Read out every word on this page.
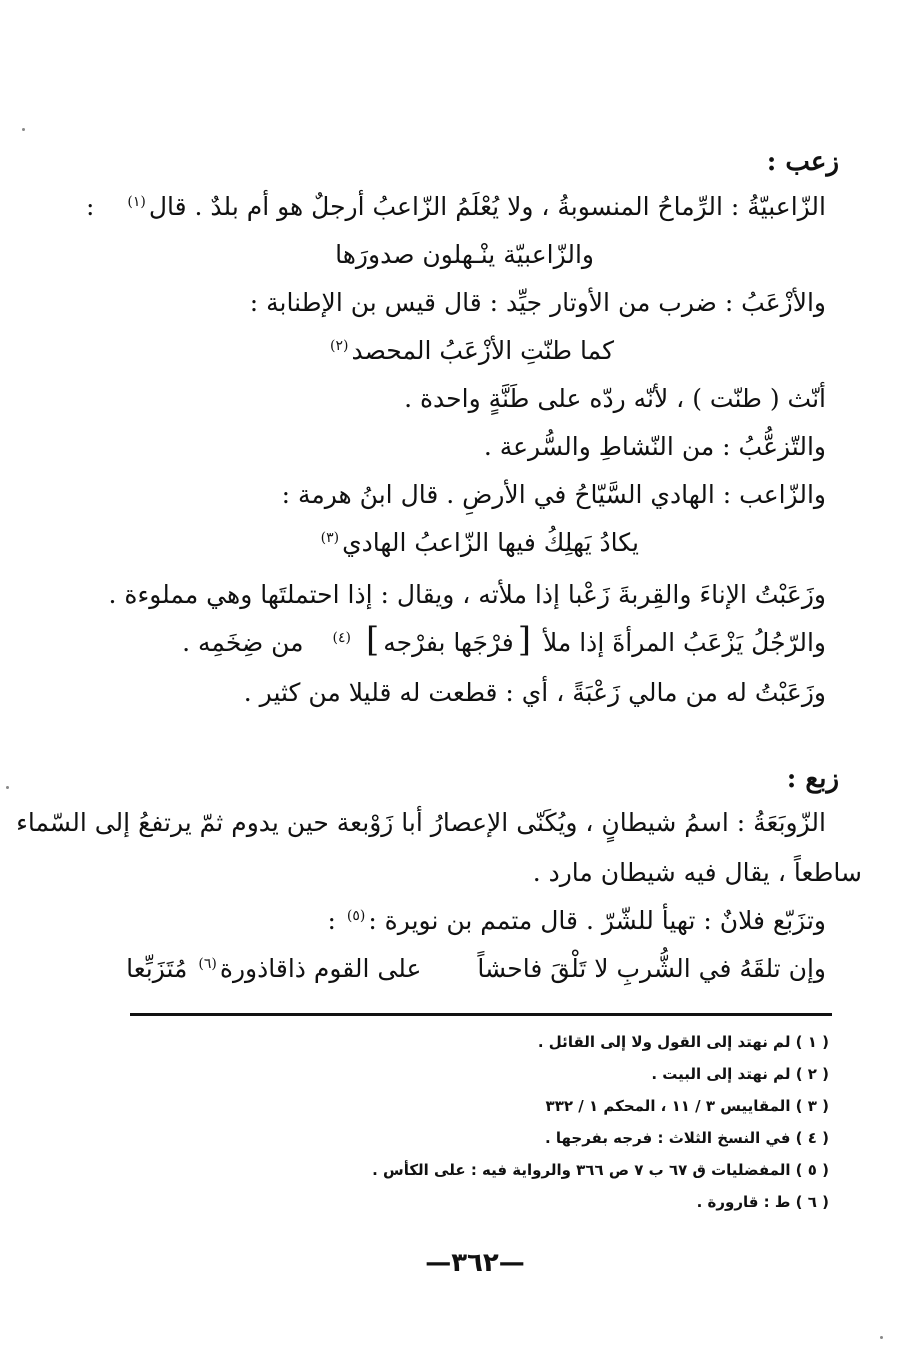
زعب :
الزّاعبيّةُ : الرِّماحُ المنسوبةُ ، ولا يُعْلَمُ الزّاعبُ أرجلٌ هو أم بلدٌ . قال$^{(١)}$ :
والزّاعبيّة ينْـهلون صدورَها
والأزْعَبُ : ضرب من الأوتار جيِّد : قال قيس بن الإطنابة :
كما طنّتِ الأزْعَبُ المحصد$^{(٢)}$
أنّث ( طنّت ) ، لأنّه ردّه على طَنَّةٍ واحدة .
والتّزعُّبُ : من النّشاطِ والسُّرعة .
والزّاعب : الهادي السَّيّاحُ في الأرضِ . قال ابنُ هرمة :
يكادُ يَهلِكُ فيها الزّاعبُ الهادي$^{(٣)}$
وزَعَبْتُ الإناءَ والقِربةَ زَعْبا إذا ملأته ، ويقال : إذا احتملتَها وهي مملوءة .
والرّجُلُ يَزْعَبُ المرأةَ إذا ملأ [فرْجَها بفرْجه] $^{(٤)}$ من ضِخَمِه .
وزَعَبْتُ له من مالي زَعْبَةً ، أي : قطعت له قليلا من كثير .
زبع :
الزّوبَعَةُ : اسمُ شيطانٍ ، ويُكَنّى الإعصارُ أبا زَوْبعة حين يدوم ثمّ يرتفعُ إلى السّماء
ساطعاً ، يقال فيه شيطان مارد .
وتزَبّع فلانٌ : تهيأ للشّرّ . قال متمم بن نويرة :$^{(٥)}$ :
وإن تلقَهُ في الشُّربِ لا تَلْقَ فاحشاً على القوم ذاقاذورة$^{(٦)}$ مُتَزَبِّعا
( ١ ) لم نهتد إلى القول ولا إلى القائل .
( ٢ ) لم نهتد إلى البيت .
( ٣ ) المقاييس ٣ / ١١ ، المحكم ١ / ٣٣٢
( ٤ ) في النسخ الثلاث : فرجه بفرجها .
( ٥ ) المفضليات ق ٦٧ ب ٧ ص ٣٦٦ والرواية فيه : على الكأس .
( ٦ ) ط : قارورة .
—٣٦٢—
